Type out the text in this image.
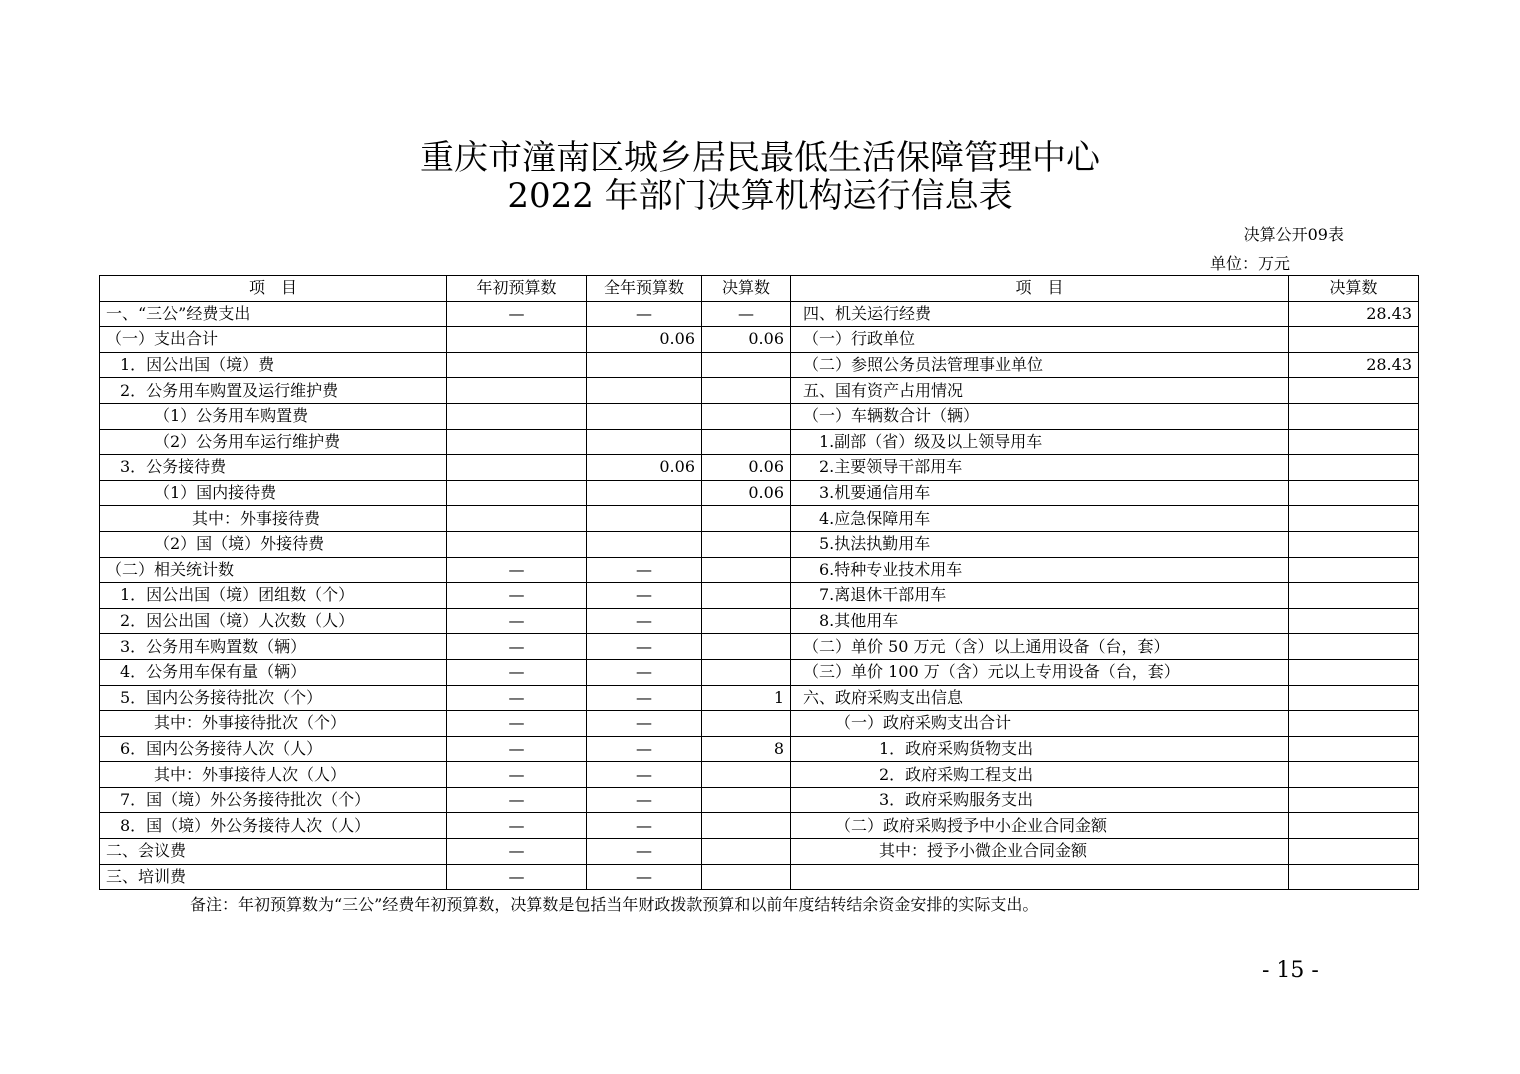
重庆市潼南区城乡居民最低生活保障管理中心
2022 年部门决算机构运行信息表
决算公开09表
单位：万元
项　目	年初预算数	全年预算数	决算数	项　目	决算数
一、“三公”经费支出	—	—	—	四、机关运行经费	28.43
（一）支出合计		0.06	0.06	（一）行政单位	
1．因公出国（境）费				（二）参照公务员法管理事业单位	28.43
2．公务用车购置及运行维护费				五、国有资产占用情况	
（1）公务用车购置费				（一）车辆数合计（辆）	
（2）公务用车运行维护费				1.副部（省）级及以上领导用车	
3．公务接待费		0.06	0.06	2.主要领导干部用车	
（1）国内接待费			0.06	3.机要通信用车	
其中：外事接待费				4.应急保障用车	
（2）国（境）外接待费				5.执法执勤用车	
（二）相关统计数	—	—		6.特种专业技术用车	
1．因公出国（境）团组数（个）	—	—		7.离退休干部用车	
2．因公出国（境）人次数（人）	—	—		8.其他用车	
3．公务用车购置数（辆）	—	—		（二）单价 50 万元（含）以上通用设备（台，套）	
4．公务用车保有量（辆）	—	—		（三）单价 100 万（含）元以上专用设备（台，套）	
5．国内公务接待批次（个）	—	—	1	六、政府采购支出信息	
其中：外事接待批次（个）	—	—		（一）政府采购支出合计	
6．国内公务接待人次（人）	—	—	8	1．政府采购货物支出	
其中：外事接待人次（人）	—	—		2．政府采购工程支出	
7．国（境）外公务接待批次（个）	—	—		3．政府采购服务支出	
8．国（境）外公务接待人次（人）	—	—		（二）政府采购授予中小企业合同金额	
二、会议费	—	—		其中：授予小微企业合同金额	
三、培训费	—	—			
备注：年初预算数为“三公”经费年初预算数，决算数是包括当年财政拨款预算和以前年度结转结余资金安排的实际支出。
- 15 -
